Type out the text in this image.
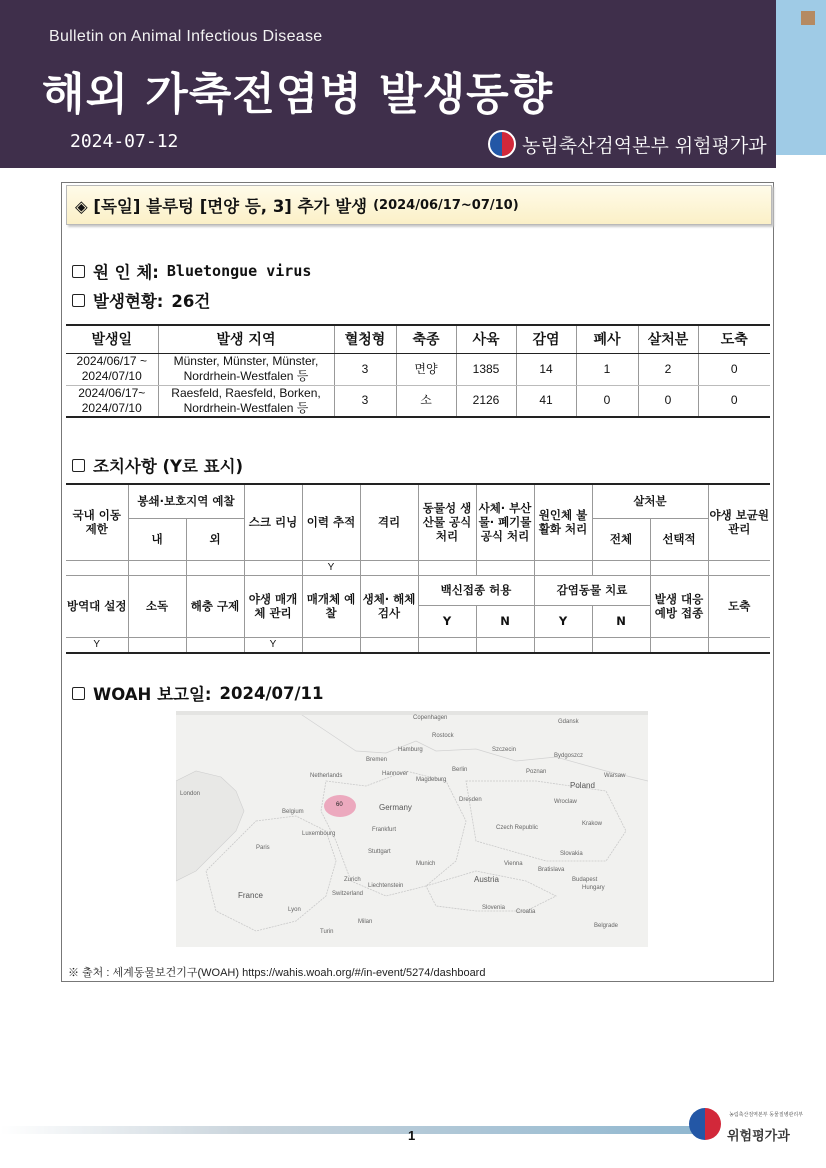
Bulletin on Animal Infectious Disease
해외 가축전염병 발생동향
2024-07-12	농림축산검역본부 위험평가과
◈ [독일] 블루텅 [면양 등, 3] 추가 발생 (2024/06/17~07/10)
원 인 체: Bluetongue virus
발생현황: 26건
발생일	발생 지역	혈청형	축종	사육	감염	폐사	살처분	도축
2024/06/17 ~ 2024/07/10	Münster, Münster, Münster, Nordrhein-Westfalen 등	3	면양	1385	14	1	2	0
2024/06/17~ 2024/07/10	Raesfeld, Raesfeld, Borken, Nordrhein-Westfalen 등	3	소	2126	41	0	0	0
조치사항 (Y로 표시)
국내 이동 제한	봉쇄·보호지역 예찰		스크 리닝	이력 추적	격리	동물성 생산물 공식 처리	사체· 부산물· 폐기물 공식 처리	원인체 불활화 처리	살처분		야생 보균원 관리
	내	외							전체	선택적	
				Y							
방역대 설정	소독	해충 구제	야생 매개체 관리	매개체 예찰	생체· 해체 검사	백신접종 허용		감염동물 치료		발생 대응 예방 접종	도축
						Y	N	Y	N		
Y			Y								
WOAH 보고일: 2024/07/11
Copenhagen
Hamburg
Bremen
Szczecin
Netherlands	Hannover
Berlin
Bydgoszcz
Poland
Poznan
Warsaw
Magdeburg
Germany
Dresden	Wroclaw
Belgium
Luxembourg
Frankfurt	Czech Republic
Krakow
Stuttgart	Slovakia
Paris
Munich	Vienna
Bratislava
Austria
Hungary
Budapest
France	Switzerland
Liechtenstein
Zurich
Slovenia
Croatia
Milan
Lyon
Turin
Belgrade
Gdansk
London
Rostock
60
※ 출처 : 세계동물보건기구(WOAH) https://wahis.woah.org/#/in-event/5274/dashboard
1
농림축산검역본부 동물질병관리부
위험평가과
